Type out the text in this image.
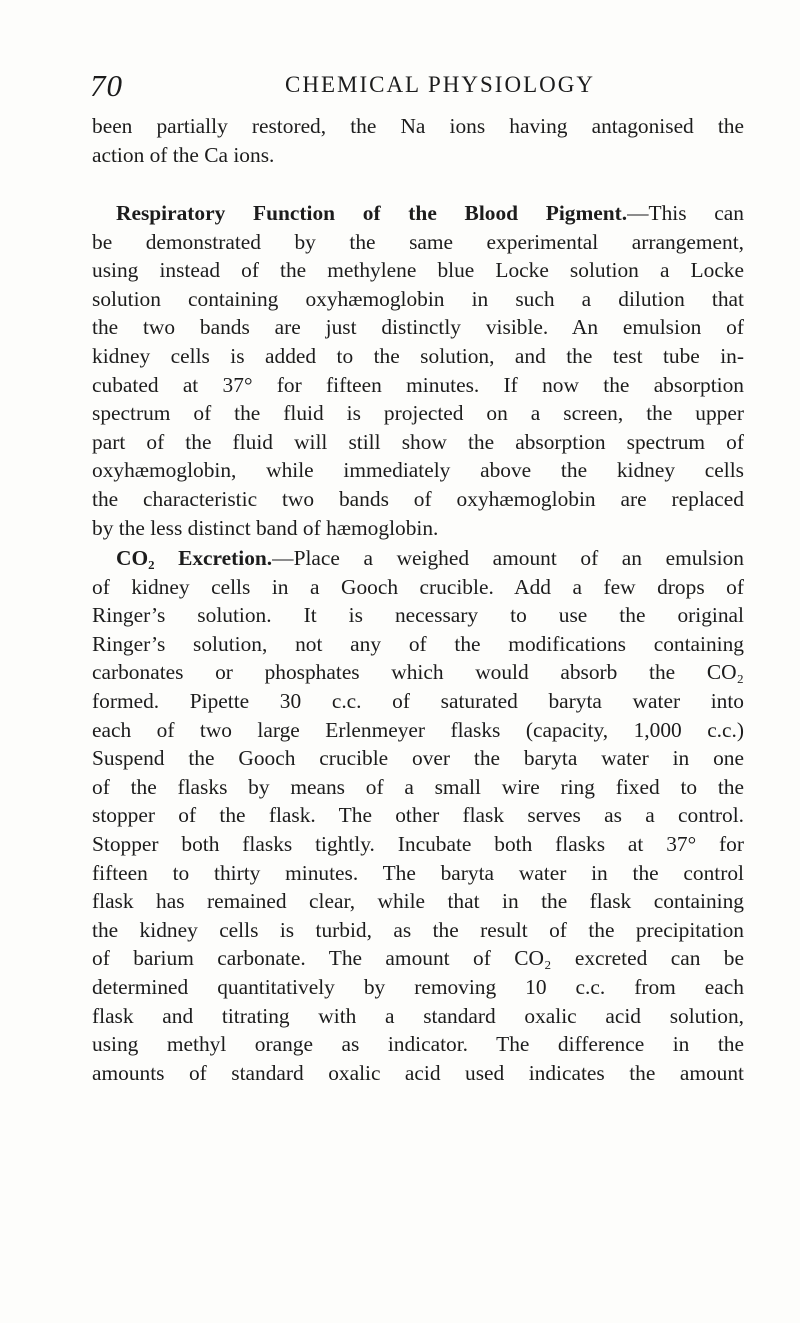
70	CHEMICAL PHYSIOLOGY
been partially restored, the Na ions having antagonised the
action of the Ca ions.
Respiratory Function of the Blood Pigment.—This can
be demonstrated by the same experimental arrangement,
using instead of the methylene blue Locke solution a Locke
solution containing oxyhæmoglobin in such a dilution that
the two bands are just distinctly visible. An emulsion of
kidney cells is added to the solution, and the test tube in-
cubated at 37° for fifteen minutes. If now the absorption
spectrum of the fluid is projected on a screen, the upper
part of the fluid will still show the absorption spectrum of
oxyhæmoglobin, while immediately above the kidney cells
the characteristic two bands of oxyhæmoglobin are replaced
by the less distinct band of hæmoglobin.
CO₂ Excretion.—Place a weighed amount of an emulsion
of kidney cells in a Gooch crucible. Add a few drops of
Ringer’s solution. It is necessary to use the original
Ringer’s solution, not any of the modifications containing
carbonates or phosphates which would absorb the CO₂
formed. Pipette 30 c.c. of saturated baryta water into
each of two large Erlenmeyer flasks (capacity, 1,000 c.c.)
Suspend the Gooch crucible over the baryta water in one
of the flasks by means of a small wire ring fixed to the
stopper of the flask. The other flask serves as a control.
Stopper both flasks tightly. Incubate both flasks at 37° for
fifteen to thirty minutes. The baryta water in the control
flask has remained clear, while that in the flask containing
the kidney cells is turbid, as the result of the precipitation
of barium carbonate. The amount of CO₂ excreted can be
determined quantitatively by removing 10 c.c. from each
flask and titrating with a standard oxalic acid solution,
using methyl orange as indicator. The difference in the
amounts of standard oxalic acid used indicates the amount
